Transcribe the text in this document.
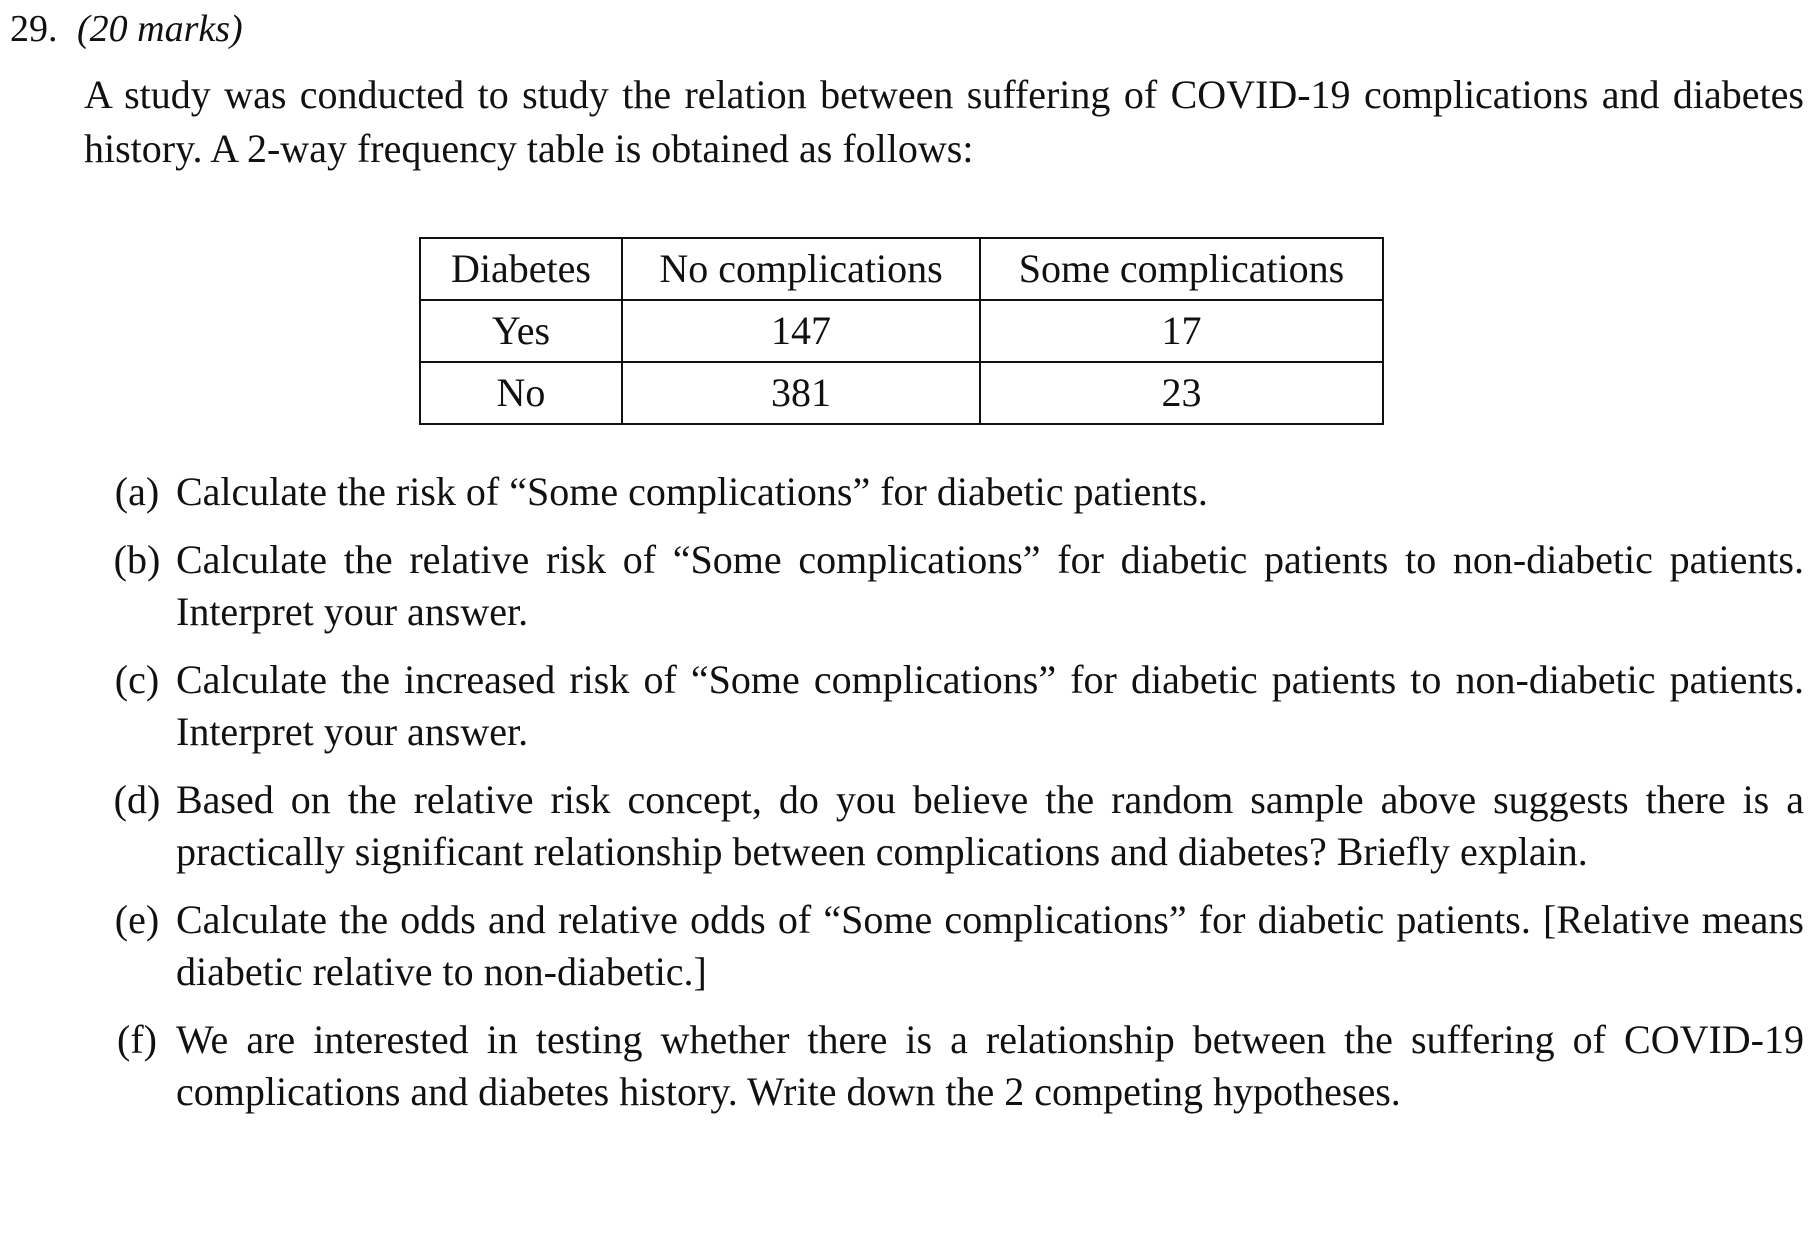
29. (20 marks)
A study was conducted to study the relation between suffering of COVID-19 complications and diabetes history. A 2-way frequency table is obtained as follows:
Diabetes	No complications	Some complications
Yes	147	17
No	381	23
(a) Calculate the risk of “Some complications” for diabetic patients.
(b) Calculate the relative risk of “Some complications” for diabetic patients to non-diabetic patients. Interpret your answer.
(c) Calculate the increased risk of “Some complications” for diabetic patients to non-diabetic patients. Interpret your answer.
(d) Based on the relative risk concept, do you believe the random sample above suggests there is a practically significant relationship between complications and diabetes? Briefly explain.
(e) Calculate the odds and relative odds of “Some complications” for diabetic patients. [Relative means diabetic relative to non-diabetic.]
(f) We are interested in testing whether there is a relationship between the suffering of COVID-19 complications and diabetes history. Write down the 2 competing hypotheses.
